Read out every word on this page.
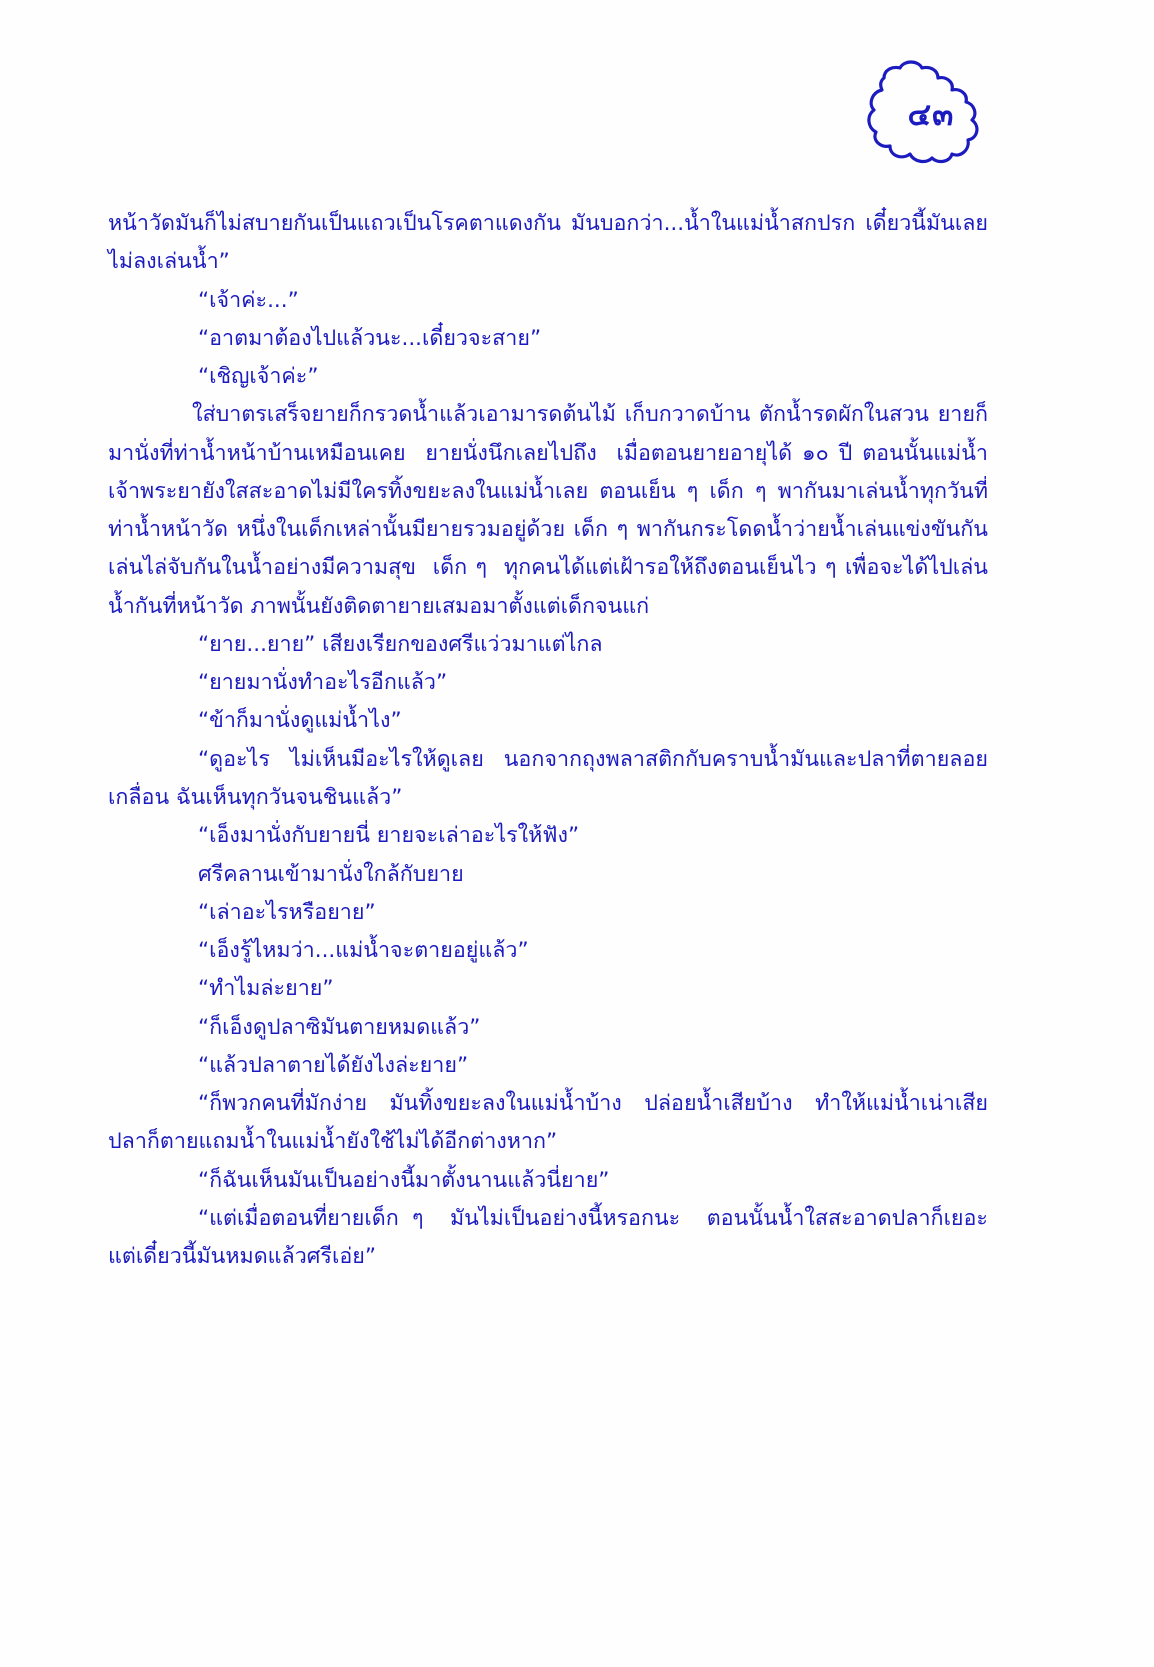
๔๓

หน้าวัดมันก็ไม่สบายกันเป็นแถวเป็นโรคตาแดงกัน มันบอกว่า...น้ำในแม่น้ำสกปรก เดี๋ยวนี้มันเลยไม่ลงเล่นน้ำ”

“เจ้าค่ะ...”

“อาตมาต้องไปแล้วนะ...เดี๋ยวจะสาย”

“เชิญเจ้าค่ะ”

ใส่บาตรเสร็จยายก็กรวดน้ำแล้วเอามารดต้นไม้ เก็บกวาดบ้าน ตักน้ำรดผักในสวน ยายก็มานั่งที่ท่าน้ำหน้าบ้านเหมือนเคย  ยายนั่งนึกเลยไปถึง  เมื่อตอนยายอายุได้ ๑๐ ปี ตอนนั้นแม่น้ำเจ้าพระยายังใสสะอาดไม่มีใครทิ้งขยะลงในแม่น้ำเลย ตอนเย็น ๆ เด็ก ๆ พากันมาเล่นน้ำทุกวันที่ท่าน้ำหน้าวัด หนึ่งในเด็กเหล่านั้นมียายรวมอยู่ด้วย เด็ก ๆ พากันกระโดดน้ำว่ายน้ำเล่นแข่งขันกัน  เล่นไล่จับกันในน้ำอย่างมีความสุข  เด็ก ๆ  ทุกคนได้แต่เฝ้ารอให้ถึงตอนเย็นไว ๆ เพื่อจะได้ไปเล่นน้ำกันที่หน้าวัด ภาพนั้นยังติดตายายเสมอมาตั้งแต่เด็กจนแก่

“ยาย...ยาย” เสียงเรียกของศรีแว่วมาแต่ไกล

“ยายมานั่งทำอะไรอีกแล้ว”

“ข้าก็มานั่งดูแม่น้ำไง”

“ดูอะไร ไม่เห็นมีอะไรให้ดูเลย นอกจากถุงพลาสติกกับคราบน้ำมันและปลาที่ตายลอยเกลื่อน ฉันเห็นทุกวันจนชินแล้ว”

“เอ็งมานั่งกับยายนี่ ยายจะเล่าอะไรให้ฟัง”

ศรีคลานเข้ามานั่งใกล้กับยาย

“เล่าอะไรหรือยาย”

“เอ็งรู้ไหมว่า...แม่น้ำจะตายอยู่แล้ว”

“ทำไมล่ะยาย”

“ก็เอ็งดูปลาซิมันตายหมดแล้ว”

“แล้วปลาตายได้ยังไงล่ะยาย”

“ก็พวกคนที่มักง่าย  มันทิ้งขยะลงในแม่น้ำบ้าง  ปล่อยน้ำเสียบ้าง  ทำให้แม่น้ำเน่าเสีย ปลาก็ตายแถมน้ำในแม่น้ำยังใช้ไม่ได้อีกต่างหาก”

“ก็ฉันเห็นมันเป็นอย่างนี้มาตั้งนานแล้วนี่ยาย”

“แต่เมื่อตอนที่ยายเด็ก ๆ  มันไม่เป็นอย่างนี้หรอกนะ  ตอนนั้นน้ำใสสะอาดปลาก็เยอะ แต่เดี๋ยวนี้มันหมดแล้วศรีเอ่ย”
